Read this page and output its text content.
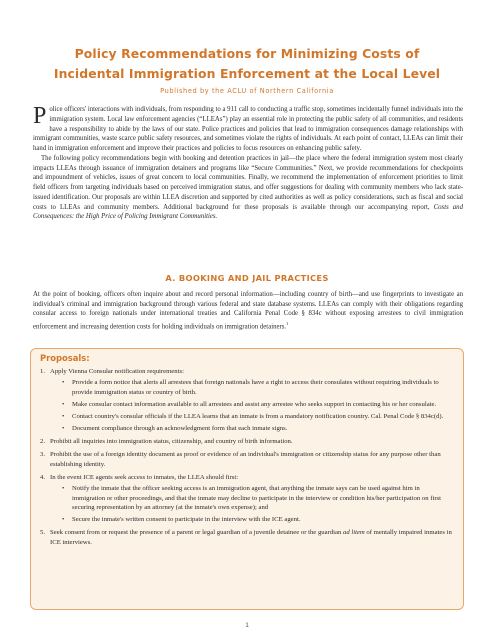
Policy Recommendations for Minimizing Costs of
Incidental Immigration Enforcement at the Local Level
Published by the ACLU of Northern California

Police officers' interactions with individuals, from responding to a 911 call to conducting a traffic stop, sometimes incidentally funnel individuals into the immigration system. Local law enforcement agencies (“LLEAs”) play an essential role in protecting the public safety of all communities, and residents have a responsibility to abide by the laws of our state. Police practices and policies that lead to immigration consequences damage relationships with immigrant communities, waste scarce public safety resources, and sometimes violate the rights of individuals. At each point of contact, LLEAs can limit their hand in immigration enforcement and improve their practices and policies to focus resources on enhancing public safety.

The following policy recommendations begin with booking and detention practices in jail—the place where the federal immigration system most clearly impacts LLEAs through issuance of immigration detainers and programs like “Secure Communities.” Next, we provide recommendations for checkpoints and impoundment of vehicles, issues of great concern to local communities. Finally, we recommend the implementation of enforcement priorities to limit field officers from targeting individuals based on perceived immigration status, and offer suggestions for dealing with community members who lack state-issued identification. Our proposals are within LLEA discretion and supported by cited authorities as well as policy considerations, such as fiscal and social costs to LLEAs and community members. Additional background for these proposals is available through our accompanying report, Costs and Consequences: the High Price of Policing Immigrant Communities.

A. BOOKING AND JAIL PRACTICES

At the point of booking, officers often inquire about and record personal information—including country of birth—and use fingerprints to investigate an individual's criminal and immigration background through various federal and state database systems. LLEAs can comply with their obligations regarding consular access to foreign nationals under international treaties and California Penal Code § 834c without exposing arrestees to civil immigration enforcement and increasing detention costs for holding individuals on immigration detainers.$^1$

Proposals:
1. Apply Vienna Consular notification requirements:
• Provide a form notice that alerts all arrestees that foreign nationals have a right to access their consulates without requiring individuals to provide immigration status or country of birth.
• Make consular contact information available to all arrestees and assist any arrestee who seeks support in contacting his or her consulate.
• Contact country's consular officials if the LLEA learns that an inmate is from a mandatory notification country. Cal. Penal Code § 834c(d).
• Document compliance through an acknowledgment form that each inmate signs.
2. Prohibit all inquiries into immigration status, citizenship, and country of birth information.
3. Prohibit the use of a foreign identity document as proof or evidence of an individual's immigration or citizenship status for any purpose other than establishing identity.
4. In the event ICE agents seek access to inmates, the LLEA should first:
• Notify the inmate that the officer seeking access is an immigration agent, that anything the inmate says can be used against him in immigration or other proceedings, and that the inmate may decline to participate in the interview or condition his/her participation on first securing representation by an attorney (at the inmate's own expense); and
• Secure the inmate's written consent to participate in the interview with the ICE agent.
5. Seek consent from or request the presence of a parent or legal guardian of a juvenile detainee or the guardian ad litem of mentally impaired inmates in ICE interviews.
1
